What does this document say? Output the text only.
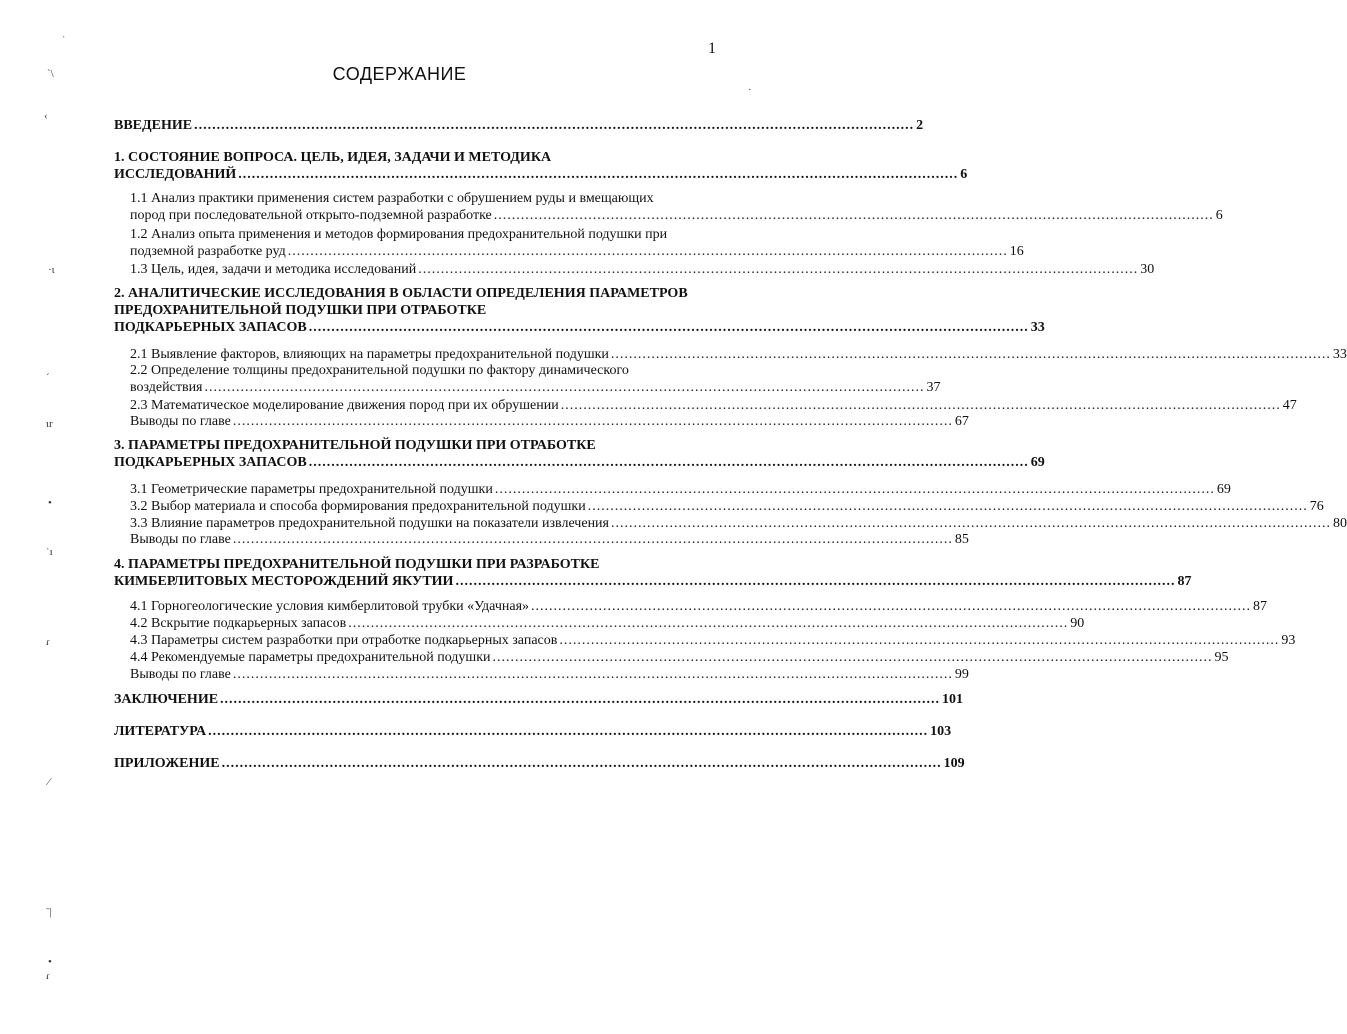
ˈ
`\
‹
·ɩ
ˊ
ɩr
•
ˈı
ɾ
⁄
ˉ|
•
ɾ
·
1
СОДЕРЖАНИЕ
ВВЕДЕНИЕ ................................................................................................................................................................ 2
1. СОСТОЯНИЕ ВОПРОСА. ЦЕЛЬ, ИДЕЯ, ЗАДАЧИ И МЕТОДИКА
ИССЛЕДОВАНИЙ ................................................................................................................................................................ 6
1.1 Анализ практики применения систем разработки с обрушением руды и вмещающих
пород при последовательной открыто-подземной разработке ................................................................................................................................................................ 6
1.2 Анализ опыта применения и методов формирования предохранительной подушки при
подземной разработке руд ................................................................................................................................................................ 16
1.3 Цель, идея, задачи и методика исследований ................................................................................................................................................................ 30
2. АНАЛИТИЧЕСКИЕ ИССЛЕДОВАНИЯ В ОБЛАСТИ ОПРЕДЕЛЕНИЯ ПАРАМЕТРОВ ПРЕДОХРАНИТЕЛЬНОЙ ПОДУШКИ ПРИ ОТРАБОТКЕ
ПОДКАРЬЕРНЫХ ЗАПАСОВ ................................................................................................................................................................ 33
2.1 Выявление факторов, влияющих на параметры предохранительной подушки ................................................................................................................................................................ 33
2.2 Определение толщины предохранительной подушки по фактору динамического
воздействия ................................................................................................................................................................ 37
2.3 Математическое моделирование движения пород при их обрушении ................................................................................................................................................................ 47
Выводы по главе ................................................................................................................................................................ 67
3. ПАРАМЕТРЫ ПРЕДОХРАНИТЕЛЬНОЙ ПОДУШКИ ПРИ ОТРАБОТКЕ
ПОДКАРЬЕРНЫХ ЗАПАСОВ ................................................................................................................................................................ 69
3.1 Геометрические параметры предохранительной подушки ................................................................................................................................................................ 69
3.2 Выбор материала и способа формирования предохранительной подушки ................................................................................................................................................................ 76
3.3 Влияние параметров предохранительной подушки на показатели извлечения ................................................................................................................................................................ 80
Выводы по главе ................................................................................................................................................................ 85
4. ПАРАМЕТРЫ ПРЕДОХРАНИТЕЛЬНОЙ ПОДУШКИ ПРИ РАЗРАБОТКЕ
КИМБЕРЛИТОВЫХ МЕСТОРОЖДЕНИЙ ЯКУТИИ ................................................................................................................................................................ 87
4.1 Горногеологические условия кимберлитовой трубки «Удачная» ................................................................................................................................................................ 87
4.2 Вскрытие подкарьерных запасов ................................................................................................................................................................ 90
4.3 Параметры систем разработки при отработке подкарьерных запасов ................................................................................................................................................................ 93
4.4 Рекомендуемые параметры предохранительной подушки ................................................................................................................................................................ 95
Выводы по главе ................................................................................................................................................................ 99
ЗАКЛЮЧЕНИЕ ................................................................................................................................................................ 101
ЛИТЕРАТУРА ................................................................................................................................................................ 103
ПРИЛОЖЕНИЕ ................................................................................................................................................................ 109
